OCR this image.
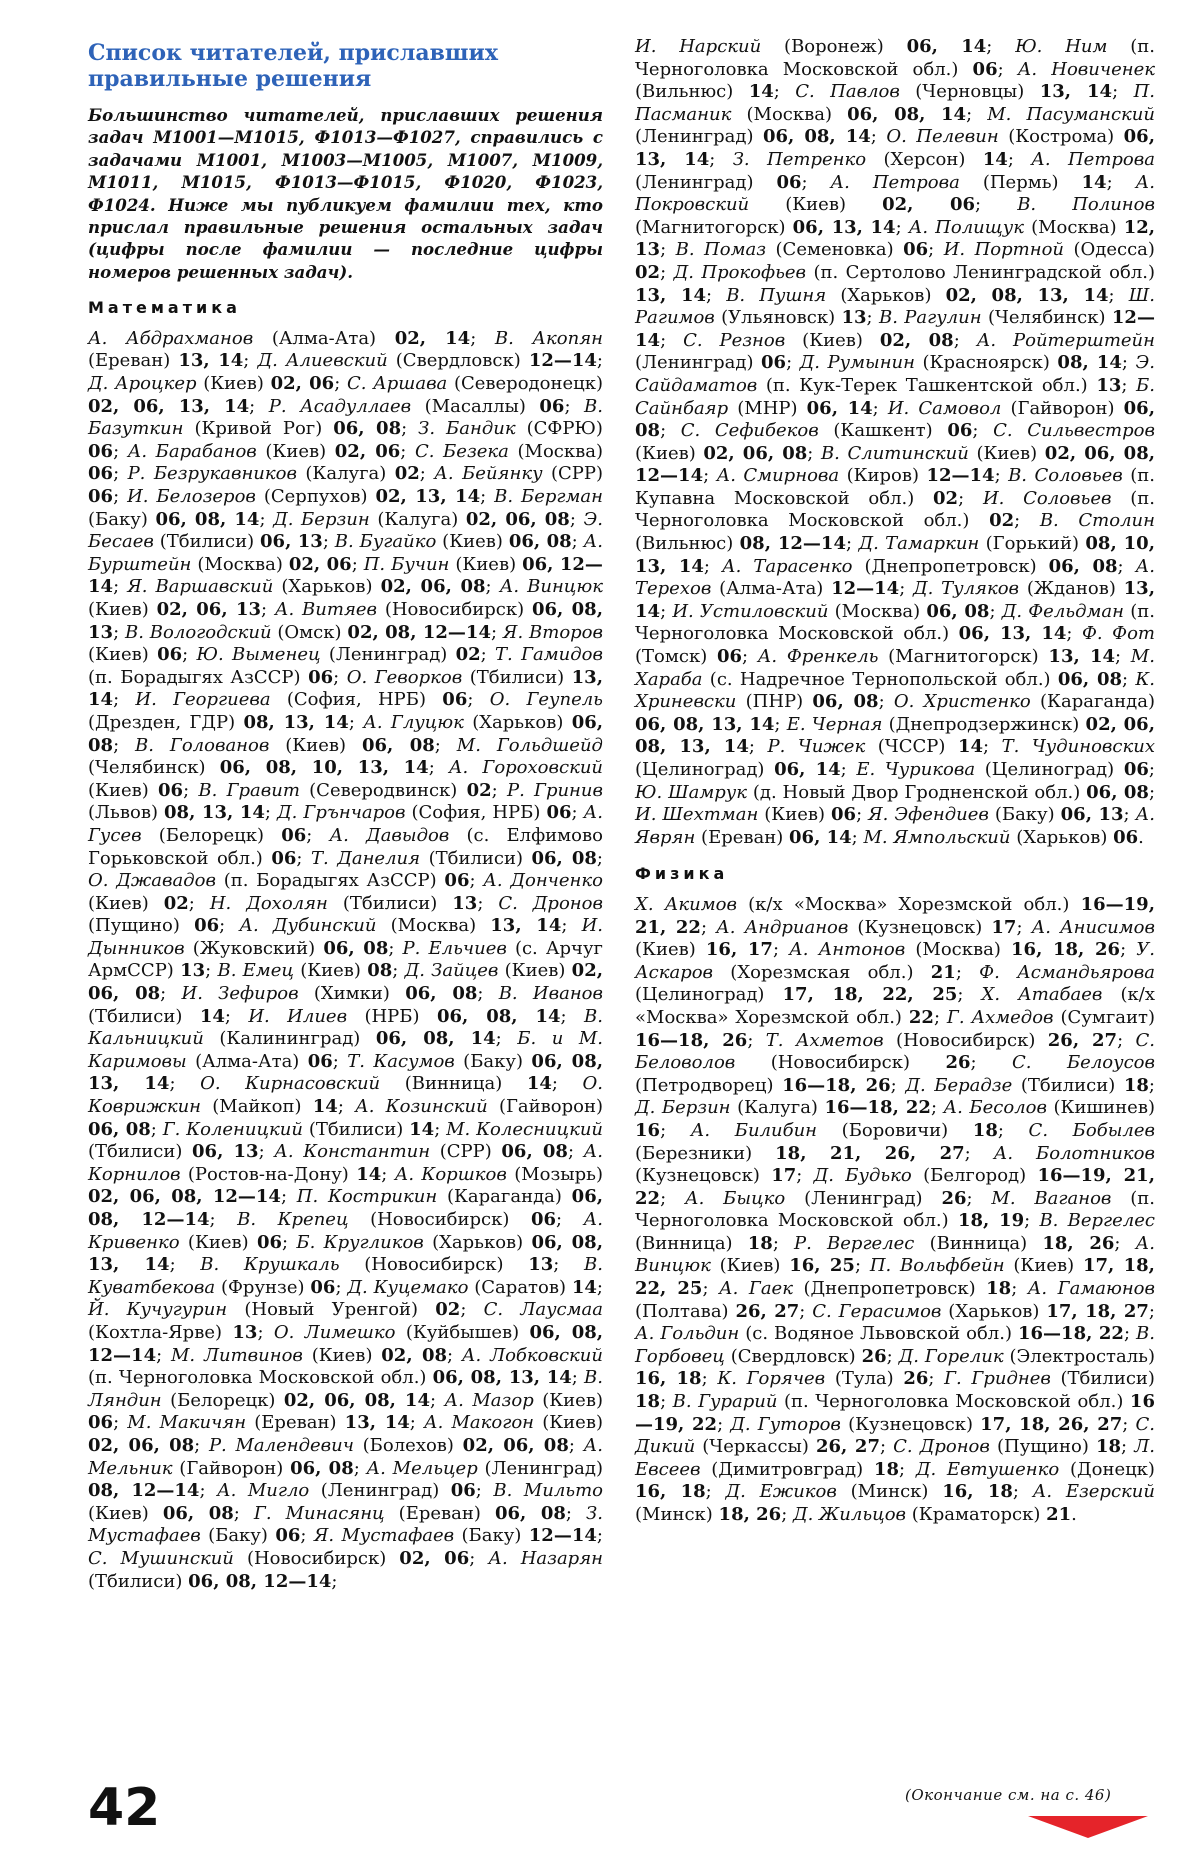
Список читателей, приславших правильные решения
Большинство читателей, приславших решения задач М1001—М1015, Ф1013—Ф1027, справились с задачами М1001, М1003—М1005, М1007, М1009, М1011, М1015, Ф1013—Ф1015, Ф1020, Ф1023, Ф1024. Ниже мы публикуем фамилии тех, кто прислал правильные решения остальных задач (цифры после фамилии — последние цифры номеров решенных задач).
Математика
А. Абдрахманов (Алма-Ата) 02, 14; В. Акопян (Ереван) 13, 14; Д. Алиевский (Свердловск) 12—14; Д. Ароцкер (Киев) 02, 06; С. Аршава (Северодонецк) 02, 06, 13, 14; Р. Асадуллаев (Масаллы) 06; В. Базуткин (Кривой Рог) 06, 08; З. Бандик (СФРЮ) 06; А. Барабанов (Киев) 02, 06; С. Безека (Москва) 06; Р. Безрукавников (Калуга) 02; А. Бейянку (СРР) 06; И. Белозеров (Серпухов) 02, 13, 14; В. Бергман (Баку) 06, 08, 14; Д. Берзин (Калуга) 02, 06, 08; Э. Бесаев (Тбилиси) 06, 13; В. Бугайко (Киев) 06, 08; А. Бурштейн (Москва) 02, 06; П. Бучин (Киев) 06, 12—14; Я. Варшавский (Харьков) 02, 06, 08; А. Винцюк (Киев) 02, 06, 13; А. Витяев (Новосибирск) 06, 08, 13; В. Вологодский (Омск) 02, 08, 12—14; Я. Второв (Киев) 06; Ю. Выменец (Ленинград) 02; Т. Гамидов (п. Борадыгях АзССР) 06; О. Геворков (Тбилиси) 13, 14; И. Георгиева (София, НРБ) 06; О. Геупель (Дрезден, ГДР) 08, 13, 14; А. Глуцюк (Харьков) 06, 08; В. Голованов (Киев) 06, 08; М. Гольдшейд (Челябинск) 06, 08, 10, 13, 14; А. Гороховский (Киев) 06; В. Гравит (Северодвинск) 02; Р. Гринив (Львов) 08, 13, 14; Д. Грънчаров (София, НРБ) 06; А. Гусев (Белорецк) 06; А. Давыдов (с. Елфимово Горьковской обл.) 06; Т. Данелия (Тбилиси) 06, 08; О. Джавадов (п. Борадыгях АзССР) 06; А. Донченко (Киев) 02; Н. Дохолян (Тбилиси) 13; С. Дронов (Пущино) 06; А. Дубинский (Москва) 13, 14; И. Дынников (Жуковский) 06, 08; Р. Ельчиев (с. Арчуг АрмССР) 13; В. Емец (Киев) 08; Д. Зайцев (Киев) 02, 06, 08; И. Зефиров (Химки) 06, 08; В. Иванов (Тбилиси) 14; И. Илиев (НРБ) 06, 08, 14; В. Кальницкий (Калининград) 06, 08, 14; Б. и М. Каримовы (Алма-Ата) 06; Т. Касумов (Баку) 06, 08, 13, 14; О. Кирнасовский (Винница) 14; О. Коврижкин (Майкоп) 14; А. Козинский (Гайворон) 06, 08; Г. Коленицкий (Тбилиси) 14; М. Колесницкий (Тбилиси) 06, 13; А. Константин (СРР) 06, 08; А. Корнилов (Ростов-на-Дону) 14; А. Коршков (Мозырь) 02, 06, 08, 12—14; П. Кострикин (Караганда) 06, 08, 12—14; В. Крепец (Новосибирск) 06; А. Кривенко (Киев) 06; Б. Кругликов (Харьков) 06, 08, 13, 14; В. Крушкаль (Новосибирск) 13; В. Куватбекова (Фрунзе) 06; Д. Куцемако (Саратов) 14; Й. Кучугурин (Новый Уренгой) 02; С. Лаусмаа (Кохтла-Ярве) 13; О. Лимешко (Куйбышев) 06, 08, 12—14; М. Литвинов (Киев) 02, 08; А. Лобковский (п. Черноголовка Московской обл.) 06, 08, 13, 14; В. Ляндин (Белорецк) 02, 06, 08, 14; А. Мазор (Киев) 06; М. Макичян (Ереван) 13, 14; А. Макогон (Киев) 02, 06, 08; Р. Малендевич (Болехов) 02, 06, 08; А. Мельник (Гайворон) 06, 08; А. Мельцер (Ленинград) 08, 12—14; А. Мигло (Ленинград) 06; В. Мильто (Киев) 06, 08; Г. Минасянц (Ереван) 06, 08; З. Мустафаев (Баку) 06; Я. Мустафаев (Баку) 12—14; С. Мушинский (Новосибирск) 02, 06; А. Назарян (Тбилиси) 06, 08, 12—14;
И. Нарский (Воронеж) 06, 14; Ю. Ним (п. Черноголовка Московской обл.) 06; А. Новиченек (Вильнюс) 14; С. Павлов (Черновцы) 13, 14; П. Пасманик (Москва) 06, 08, 14; М. Пасуманский (Ленинград) 06, 08, 14; О. Пелевин (Кострома) 06, 13, 14; З. Петренко (Херсон) 14; А. Петрова (Ленинград) 06; А. Петрова (Пермь) 14; А. Покровский (Киев) 02, 06; В. Полинов (Магнитогорск) 06, 13, 14; А. Полищук (Москва) 12, 13; В. Помаз (Семеновка) 06; И. Портной (Одесса) 02; Д. Прокофьев (п. Сертолово Ленинградской обл.) 13, 14; В. Пушня (Харьков) 02, 08, 13, 14; Ш. Рагимов (Ульяновск) 13; В. Рагулин (Челябинск) 12—14; С. Резнов (Киев) 02, 08; А. Ройтерштейн (Ленинград) 06; Д. Румынин (Красноярск) 08, 14; Э. Сайдаматов (п. Кук-Терек Ташкентской обл.) 13; Б. Сайнбаяр (МНР) 06, 14; И. Самовол (Гайворон) 06, 08; С. Сефибеков (Кашкент) 06; С. Сильвестров (Киев) 02, 06, 08; В. Слитинский (Киев) 02, 06, 08, 12—14; А. Смирнова (Киров) 12—14; В. Соловьев (п. Купавна Московской обл.) 02; И. Соловьев (п. Черноголовка Московской обл.) 02; В. Столин (Вильнюс) 08, 12—14; Д. Тамаркин (Горький) 08, 10, 13, 14; А. Тарасенко (Днепропетровск) 06, 08; А. Терехов (Алма-Ата) 12—14; Д. Туляков (Жданов) 13, 14; И. Устиловский (Москва) 06, 08; Д. Фельдман (п. Черноголовка Московской обл.) 06, 13, 14; Ф. Фот (Томск) 06; А. Френкель (Магнитогорск) 13, 14; М. Хараба (с. Надречное Тернопольской обл.) 06, 08; К. Хриневски (ПНР) 06, 08; О. Христенко (Караганда) 06, 08, 13, 14; Е. Черная (Днепродзержинск) 02, 06, 08, 13, 14; Р. Чижек (ЧССР) 14; Т. Чудиновских (Целиноград) 06, 14; Е. Чурикова (Целиноград) 06; Ю. Шамрук (д. Новый Двор Гродненской обл.) 06, 08; И. Шехтман (Киев) 06; Я. Эфендиев (Баку) 06, 13; А. Яврян (Ереван) 06, 14; М. Ямпольский (Харьков) 06.
Физика
Х. Акимов (к/х «Москва» Хорезмской обл.) 16—19, 21, 22; А. Андрианов (Кузнецовск) 17; А. Анисимов (Киев) 16, 17; А. Антонов (Москва) 16, 18, 26; У. Аскаров (Хорезмская обл.) 21; Ф. Асмандьярова (Целиноград) 17, 18, 22, 25; Х. Атабаев (к/х «Москва» Хорезмской обл.) 22; Г. Ахмедов (Сумгаит) 16—18, 26; Т. Ахметов (Новосибирск) 26, 27; С. Беловолов (Новосибирск) 26; С. Белоусов (Петродворец) 16—18, 26; Д. Берадзе (Тбилиси) 18; Д. Берзин (Калуга) 16—18, 22; А. Бесолов (Кишинев) 16; А. Билибин (Боровичи) 18; С. Бобылев (Березники) 18, 21, 26, 27; А. Болотников (Кузнецовск) 17; Д. Будько (Белгород) 16—19, 21, 22; А. Быцко (Ленинград) 26; М. Ваганов (п. Черноголовка Московской обл.) 18, 19; В. Вергелес (Винница) 18; Р. Вергелес (Винница) 18, 26; А. Винцюк (Киев) 16, 25; П. Вольфбейн (Киев) 17, 18, 22, 25; А. Гаек (Днепропетровск) 18; А. Гамаюнов (Полтава) 26, 27; С. Герасимов (Харьков) 17, 18, 27; А. Гольдин (с. Водяное Львовской обл.) 16—18, 22; В. Горбовец (Свердловск) 26; Д. Горелик (Электросталь) 16, 18; К. Горячев (Тула) 26; Г. Гриднев (Тбилиси) 18; В. Гурарий (п. Черноголовка Московской обл.) 16—19, 22; Д. Гуторов (Кузнецовск) 17, 18, 26, 27; С. Дикий (Черкассы) 26, 27; С. Дронов (Пущино) 18; Л. Евсеев (Димитровград) 18; Д. Евтушенко (Донецк) 16, 18; Д. Ежиков (Минск) 16, 18; А. Езерский (Минск) 18, 26; Д. Жильцов (Краматорск) 21.
(Окончание см. на с. 46)
42
